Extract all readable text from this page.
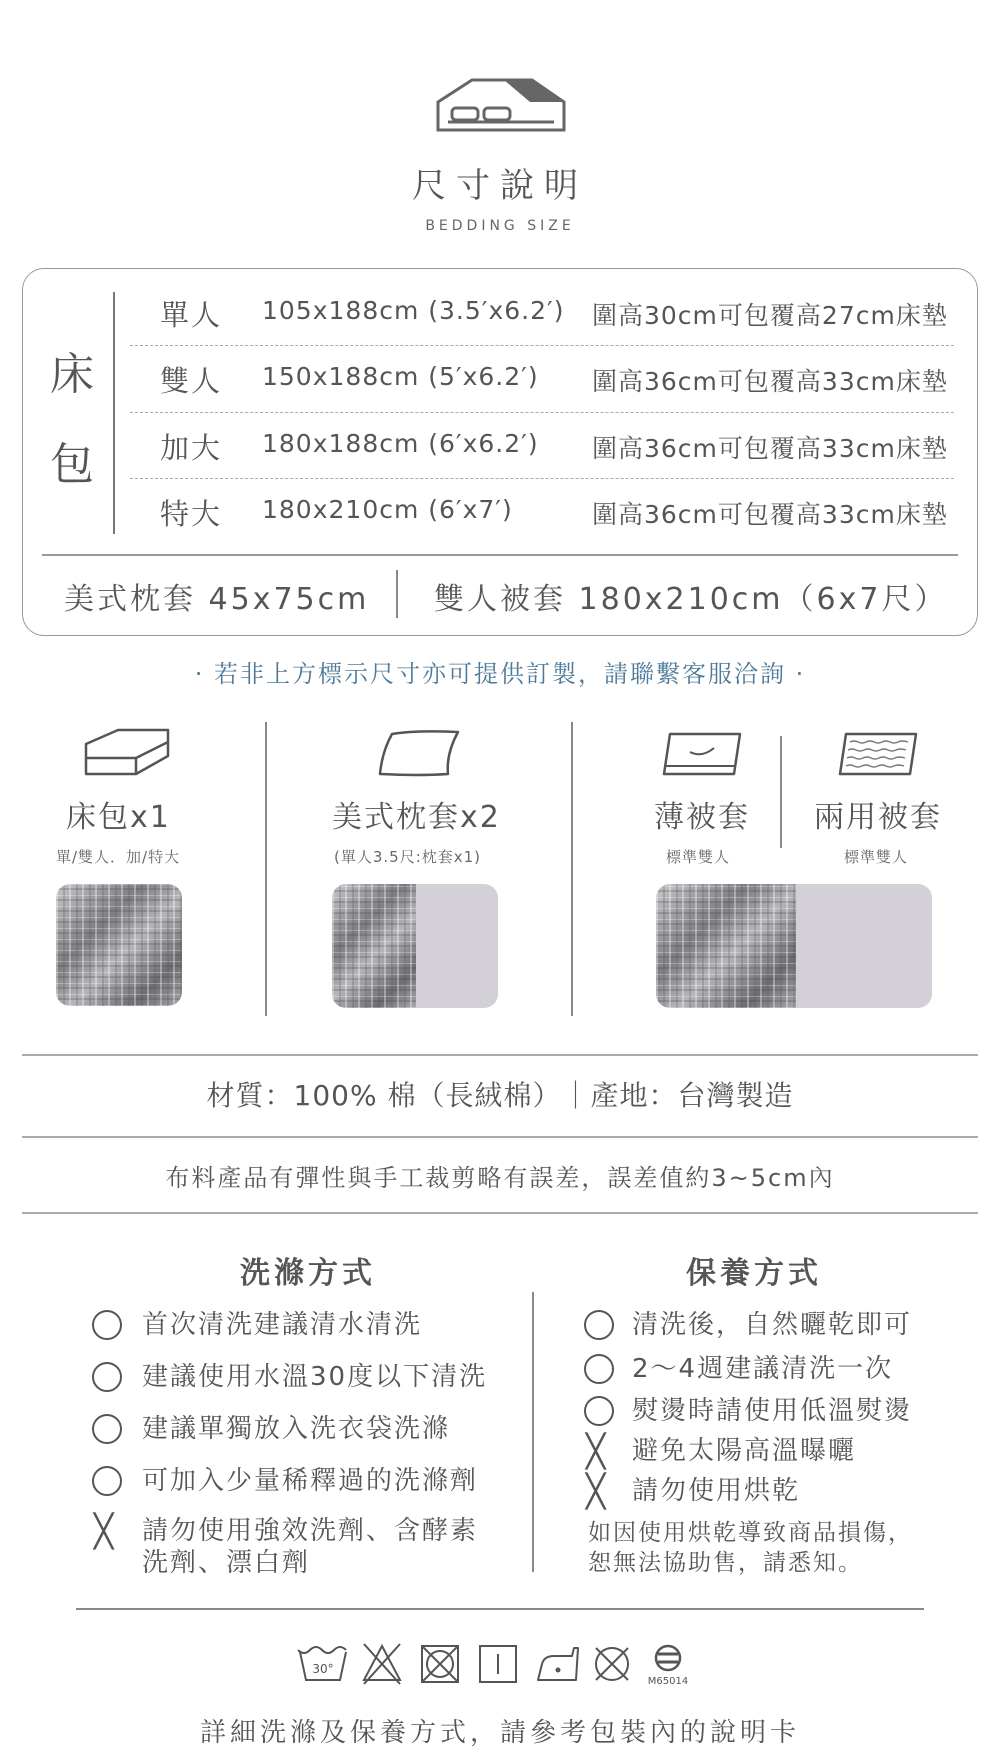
尺寸說明
BEDDING SIZE
床
包
單人 105x188cm (3.5′x6.2′) 圍高30cm可包覆高27cm床墊
雙人 150x188cm (5′x6.2′) 圍高36cm可包覆高33cm床墊
加大 180x188cm (6′x6.2′) 圍高36cm可包覆高33cm床墊
特大 180x210cm (6′x7′)	圍高36cm可包覆高33cm床墊
美式枕套 45x75cm 雙人被套 180x210cm（6x7尺）
· 若非上方標示尺寸亦可提供訂製，請聯繫客服洽詢 ·
床包x1
單/雙人．加/特大
美式枕套x2
(單人3.5尺:枕套x1)
薄被套
標準雙人
兩用被套
標準雙人
材質：100% 棉（長絨棉）｜產地：台灣製造
布料產品有彈性與手工裁剪略有誤差，誤差值約3~5cm內
洗滌方式	保養方式
首次清洗建議清水清洗
建議使用水溫30度以下清洗
建議單獨放入洗衣袋洗滌
可加入少量稀釋過的洗滌劑
╳ 請勿使用強效洗劑、含酵素
洗劑、漂白劑
清洗後，自然曬乾即可
2～4週建議清洗一次
熨燙時請使用低溫熨燙
╳ 避免太陽高溫曝曬
╳ 請勿使用烘乾
如因使用烘乾導致商品損傷，
恕無法協助售，請悉知。
30°
M65014
詳細洗滌及保養方式，請參考包裝內的說明卡
